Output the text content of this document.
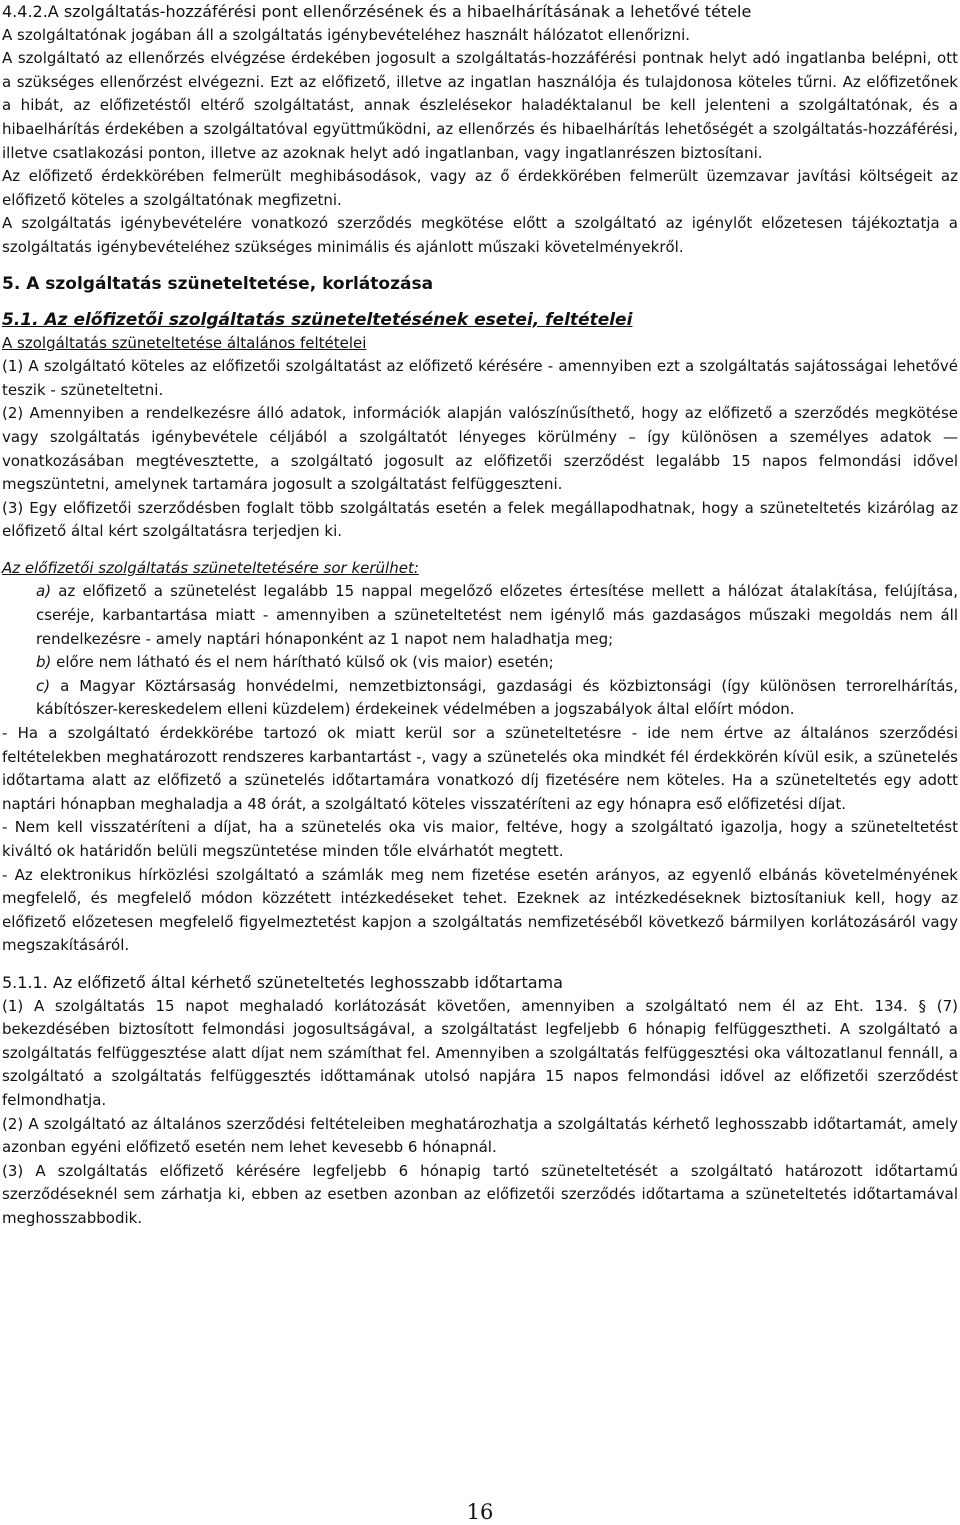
4.4.2.A szolgáltatás-hozzáférési pont ellenőrzésének és a hibaelhárításának a lehetővé tétele

A szolgáltatónak jogában áll a szolgáltatás igénybevételéhez használt hálózatot ellenőrizni.

A szolgáltató az ellenőrzés elvégzése érdekében jogosult a szolgáltatás-hozzáférési pontnak helyt adó ingatlanba belépni, ott a szükséges ellenőrzést elvégezni. Ezt az előfizető, illetve az ingatlan használója és tulajdonosa köteles tűrni. Az előfizetőnek a hibát, az előfizetéstől eltérő szolgáltatást, annak észlelésekor haladéktalanul be kell jelenteni a szolgáltatónak, és a hibaelhárítás érdekében a szolgáltatóval együttműködni, az ellenőrzés és hibaelhárítás lehetőségét a szolgáltatás-hozzáférési, illetve csatlakozási ponton, illetve az azoknak helyt adó ingatlanban, vagy ingatlanrészen biztosítani.

Az előfizető érdekkörében felmerült meghibásodások, vagy az ő érdekkörében felmerült üzemzavar javítási költségeit az előfizető köteles a szolgáltatónak megfizetni.

A szolgáltatás igénybevételére vonatkozó szerződés megkötése előtt a szolgáltató az igénylőt előzetesen tájékoztatja a szolgáltatás igénybevételéhez szükséges minimális és ajánlott műszaki követelményekről.

5. A szolgáltatás szüneteltetése, korlátozása

5.1. Az előfizetői szolgáltatás szüneteltetésének esetei, feltételei

A szolgáltatás szüneteltetése általános feltételei

(1) A szolgáltató köteles az előfizetői szolgáltatást az előfizető kérésére - amennyiben ezt a szolgáltatás sajátosságai lehetővé teszik - szüneteltetni.

(2) Amennyiben a rendelkezésre álló adatok, információk alapján valószínűsíthető, hogy az előfizető a szerződés megkötése vagy szolgáltatás igénybevétele céljából a szolgáltatót lényeges körülmény – így különösen a személyes adatok — vonatkozásában megtévesztette, a szolgáltató jogosult az előfizetői szerződést legalább 15 napos felmondási idővel megszüntetni, amelynek tartamára jogosult a szolgáltatást felfüggeszteni.

(3) Egy előfizetői szerződésben foglalt több szolgáltatás esetén a felek megállapodhatnak, hogy a szüneteltetés kizárólag az előfizető által kért szolgáltatásra terjedjen ki.

Az előfizetői szolgáltatás szüneteltetésére sor kerülhet:

a) az előfizető a szünetelést legalább 15 nappal megelőző előzetes értesítése mellett a hálózat átalakítása, felújítása, cseréje, karbantartása miatt - amennyiben a szüneteltetést nem igénylő más gazdaságos műszaki megoldás nem áll rendelkezésre - amely naptári hónaponként az 1 napot nem haladhatja meg;

b) előre nem látható és el nem hárítható külső ok (vis maior) esetén;

c) a Magyar Köztársaság honvédelmi, nemzetbiztonsági, gazdasági és közbiztonsági (így különösen terrorelhárítás, kábítószer-kereskedelem elleni küzdelem) érdekeinek védelmében a jogszabályok által előírt módon.

- Ha a szolgáltató érdekkörébe tartozó ok miatt kerül sor a szüneteltetésre - ide nem értve az általános szerződési feltételekben meghatározott rendszeres karbantartást -, vagy a szünetelés oka mindkét fél érdekkörén kívül esik, a szünetelés időtartama alatt az előfizető a szünetelés időtartamára vonatkozó díj fizetésére nem köteles. Ha a szüneteltetés egy adott naptári hónapban meghaladja a 48 órát, a szolgáltató köteles visszatéríteni az egy hónapra eső előfizetési díjat.

- Nem kell visszatéríteni a díjat, ha a szünetelés oka vis maior, feltéve, hogy a szolgáltató igazolja, hogy a szüneteltetést kiváltó ok határidőn belüli megszüntetése minden tőle elvárhatót megtett.

- Az elektronikus hírközlési szolgáltató a számlák meg nem fizetése esetén arányos, az egyenlő elbánás követelményének megfelelő, és megfelelő módon közzétett intézkedéseket tehet. Ezeknek az intézkedéseknek biztosítaniuk kell, hogy az előfizető előzetesen megfelelő figyelmeztetést kapjon a szolgáltatás nemfizetéséből következő bármilyen korlátozásáról vagy megszakításáról.

5.1.1. Az előfizető által kérhető szüneteltetés leghosszabb időtartama

(1) A szolgáltatás 15 napot meghaladó korlátozását követően, amennyiben a szolgáltató nem él az Eht. 134. § (7) bekezdésében biztosított felmondási jogosultságával, a szolgáltatást legfeljebb 6 hónapig felfüggesztheti. A szolgáltató a szolgáltatás felfüggesztése alatt díjat nem számíthat fel. Amennyiben a szolgáltatás felfüggesztési oka változatlanul fennáll, a szolgáltató a szolgáltatás felfüggesztés időttamának utolsó napjára 15 napos felmondási idővel az előfizetői szerződést felmondhatja.

(2) A szolgáltató az általános szerződési feltételeiben meghatározhatja a szolgáltatás kérhető leghosszabb időtartamát, amely azonban egyéni előfizető esetén nem lehet kevesebb 6 hónapnál.

(3) A szolgáltatás előfizető kérésére legfeljebb 6 hónapig tartó szüneteltetését a szolgáltató határozott időtartamú szerződéseknél sem zárhatja ki, ebben az esetben azonban az előfizetői szerződés időtartama a szüneteltetés időtartamával meghosszabbodik.

16
